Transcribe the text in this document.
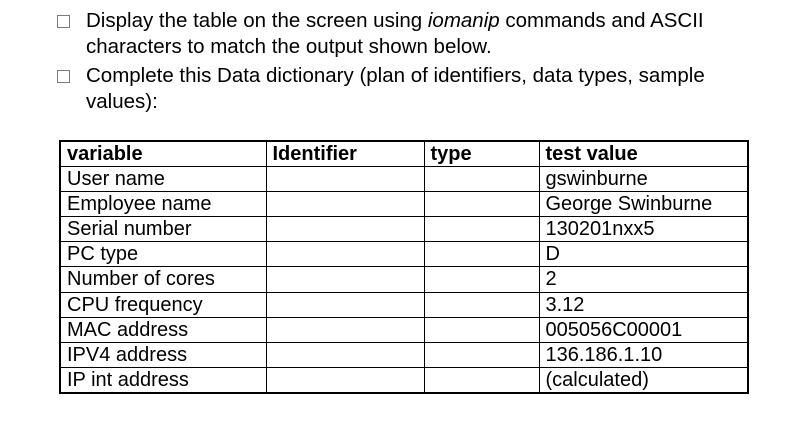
Display the table on the screen using iomanip commands and ASCII characters to match the output shown below.
Complete this Data dictionary (plan of identifiers, data types, sample values):
variable	Identifier	type	test value
User name			gswinburne
Employee name			George Swinburne
Serial number			130201nxx5
PC type			D
Number of cores			2
CPU frequency			3.12
MAC address			005056C00001
IPV4 address			136.186.1.10
IP int address			(calculated)
